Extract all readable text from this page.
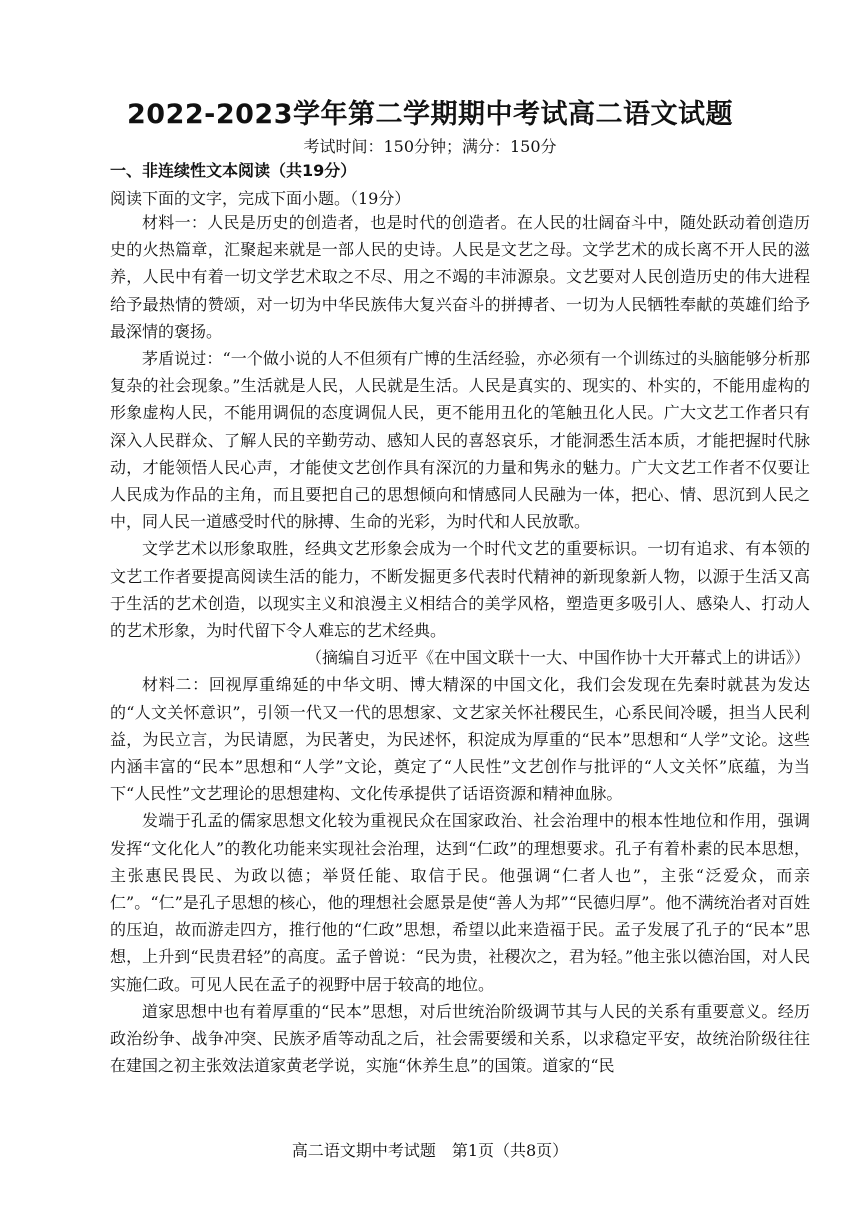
2022-2023学年第二学期期中考试高二语文试题
考试时间：150分钟；满分：150分
一、非连续性文本阅读（共19分）
阅读下面的文字，完成下面小题。（19分）

材料一：人民是历史的创造者，也是时代的创造者。在人民的壮阔奋斗中，随处跃动着创造历史的火热篇章，汇聚起来就是一部人民的史诗。人民是文艺之母。文学艺术的成长离不开人民的滋养，人民中有着一切文学艺术取之不尽、用之不竭的丰沛源泉。文艺要对人民创造历史的伟大进程给予最热情的赞颂，对一切为中华民族伟大复兴奋斗的拼搏者、一切为人民牺牲奉献的英雄们给予最深情的褒扬。

茅盾说过：“一个做小说的人不但须有广博的生活经验，亦必须有一个训练过的头脑能够分析那复杂的社会现象。”生活就是人民，人民就是生活。人民是真实的、现实的、朴实的，不能用虚构的形象虚构人民，不能用调侃的态度调侃人民，更不能用丑化的笔触丑化人民。广大文艺工作者只有深入人民群众、了解人民的辛勤劳动、感知人民的喜怒哀乐，才能洞悉生活本质，才能把握时代脉动，才能领悟人民心声，才能使文艺创作具有深沉的力量和隽永的魅力。广大文艺工作者不仅要让人民成为作品的主角，而且要把自己的思想倾向和情感同人民融为一体，把心、情、思沉到人民之中，同人民一道感受时代的脉搏、生命的光彩，为时代和人民放歌。

文学艺术以形象取胜，经典文艺形象会成为一个时代文艺的重要标识。一切有追求、有本领的文艺工作者要提高阅读生活的能力，不断发掘更多代表时代精神的新现象新人物，以源于生活又高于生活的艺术创造，以现实主义和浪漫主义相结合的美学风格，塑造更多吸引人、感染人、打动人的艺术形象，为时代留下令人难忘的艺术经典。

（摘编自习近平《在中国文联十一大、中国作协十大开幕式上的讲话》）

材料二：回视厚重绵延的中华文明、博大精深的中国文化，我们会发现在先秦时就甚为发达的“人文关怀意识”，引领一代又一代的思想家、文艺家关怀社稷民生，心系民间冷暖，担当人民利益，为民立言，为民请愿，为民著史，为民述怀，积淀成为厚重的“民本”思想和“人学”文论。这些内涵丰富的“民本”思想和“人学”文论，奠定了“人民性”文艺创作与批评的“人文关怀”底蕴，为当下“人民性”文艺理论的思想建构、文化传承提供了话语资源和精神血脉。

发端于孔孟的儒家思想文化较为重视民众在国家政治、社会治理中的根本性地位和作用，强调发挥“文化化人”的教化功能来实现社会治理，达到“仁政”的理想要求。孔子有着朴素的民本思想，主张惠民畏民、为政以德；举贤任能、取信于民。他强调“仁者人也”，主张“泛爱众，而亲仁”。“仁”是孔子思想的核心，他的理想社会愿景是使“善人为邦”“民德归厚”。他不满统治者对百姓的压迫，故而游走四方，推行他的“仁政”思想，希望以此来造福于民。孟子发展了孔子的“民本”思想，上升到“民贵君轻”的高度。孟子曾说：“民为贵，社稷次之，君为轻。”他主张以德治国，对人民实施仁政。可见人民在孟子的视野中居于较高的地位。

道家思想中也有着厚重的“民本”思想，对后世统治阶级调节其与人民的关系有重要意义。经历政治纷争、战争冲突、民族矛盾等动乱之后，社会需要缓和关系，以求稳定平安，故统治阶级往往在建国之初主张效法道家黄老学说，实施“休养生息”的国策。道家的“民

高二语文期中考试题　第1页（共8页）
